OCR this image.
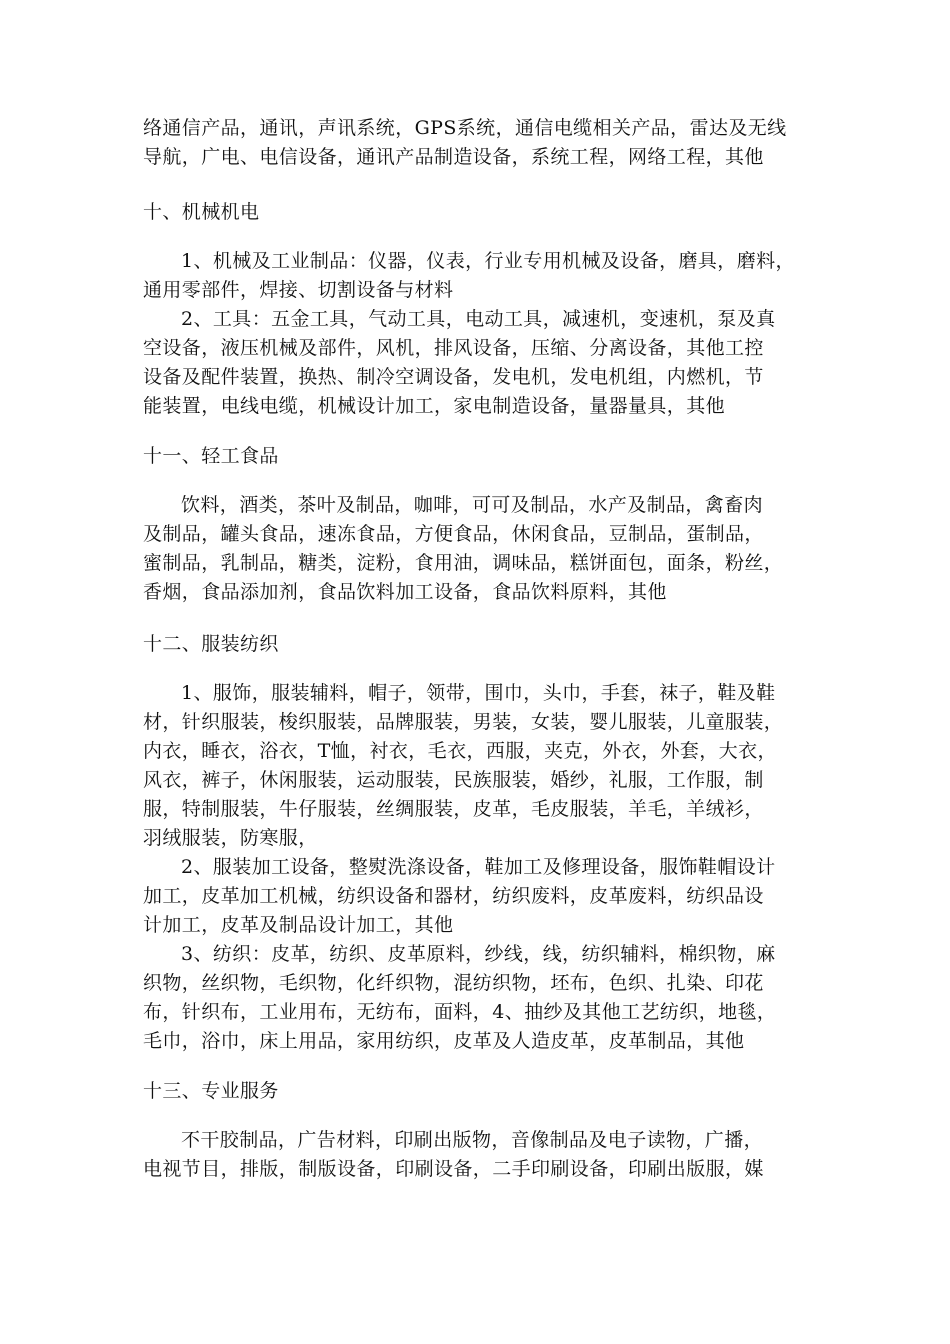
络通信产品，通讯，声讯系统，GPS系统，通信电缆相关产品，雷达及无线
导航，广电、电信设备，通讯产品制造设备，系统工程，网络工程，其他
十、机械机电
1、机械及工业制品：仪器，仪表，行业专用机械及设备，磨具，磨料，
通用零部件，焊接、切割设备与材料
2、工具：五金工具，气动工具，电动工具，减速机，变速机，泵及真
空设备，液压机械及部件，风机，排风设备，压缩、分离设备，其他工控
设备及配件装置，换热、制冷空调设备，发电机，发电机组，内燃机，节
能装置，电线电缆，机械设计加工，家电制造设备，量器量具，其他
十一、轻工食品
饮料，酒类，茶叶及制品，咖啡，可可及制品，水产及制品，禽畜肉
及制品，罐头食品，速冻食品，方便食品，休闲食品，豆制品，蛋制品，
蜜制品，乳制品，糖类，淀粉，食用油，调味品，糕饼面包，面条，粉丝，
香烟，食品添加剂，食品饮料加工设备，食品饮料原料，其他
十二、服装纺织
1、服饰，服装辅料，帽子，领带，围巾，头巾，手套，袜子，鞋及鞋
材，针织服装，梭织服装，品牌服装，男装，女装，婴儿服装，儿童服装，
内衣，睡衣，浴衣，T恤，衬衣，毛衣，西服，夹克，外衣，外套，大衣，
风衣，裤子，休闲服装，运动服装，民族服装，婚纱，礼服，工作服，制
服，特制服装，牛仔服装，丝绸服装，皮革，毛皮服装，羊毛，羊绒衫，
羽绒服装，防寒服，
2、服装加工设备，整熨洗涤设备，鞋加工及修理设备，服饰鞋帽设计
加工，皮革加工机械，纺织设备和器材，纺织废料，皮革废料，纺织品设
计加工，皮革及制品设计加工，其他
3、纺织：皮革，纺织、皮革原料，纱线，线，纺织辅料，棉织物，麻
织物，丝织物，毛织物，化纤织物，混纺织物，坯布，色织、扎染、印花
布，针织布，工业用布，无纺布，面料，4、抽纱及其他工艺纺织，地毯，
毛巾，浴巾，床上用品，家用纺织，皮革及人造皮革，皮革制品，其他
十三、专业服务
不干胶制品，广告材料，印刷出版物，音像制品及电子读物，广播，
电视节目，排版，制版设备，印刷设备，二手印刷设备，印刷出版服，媒
